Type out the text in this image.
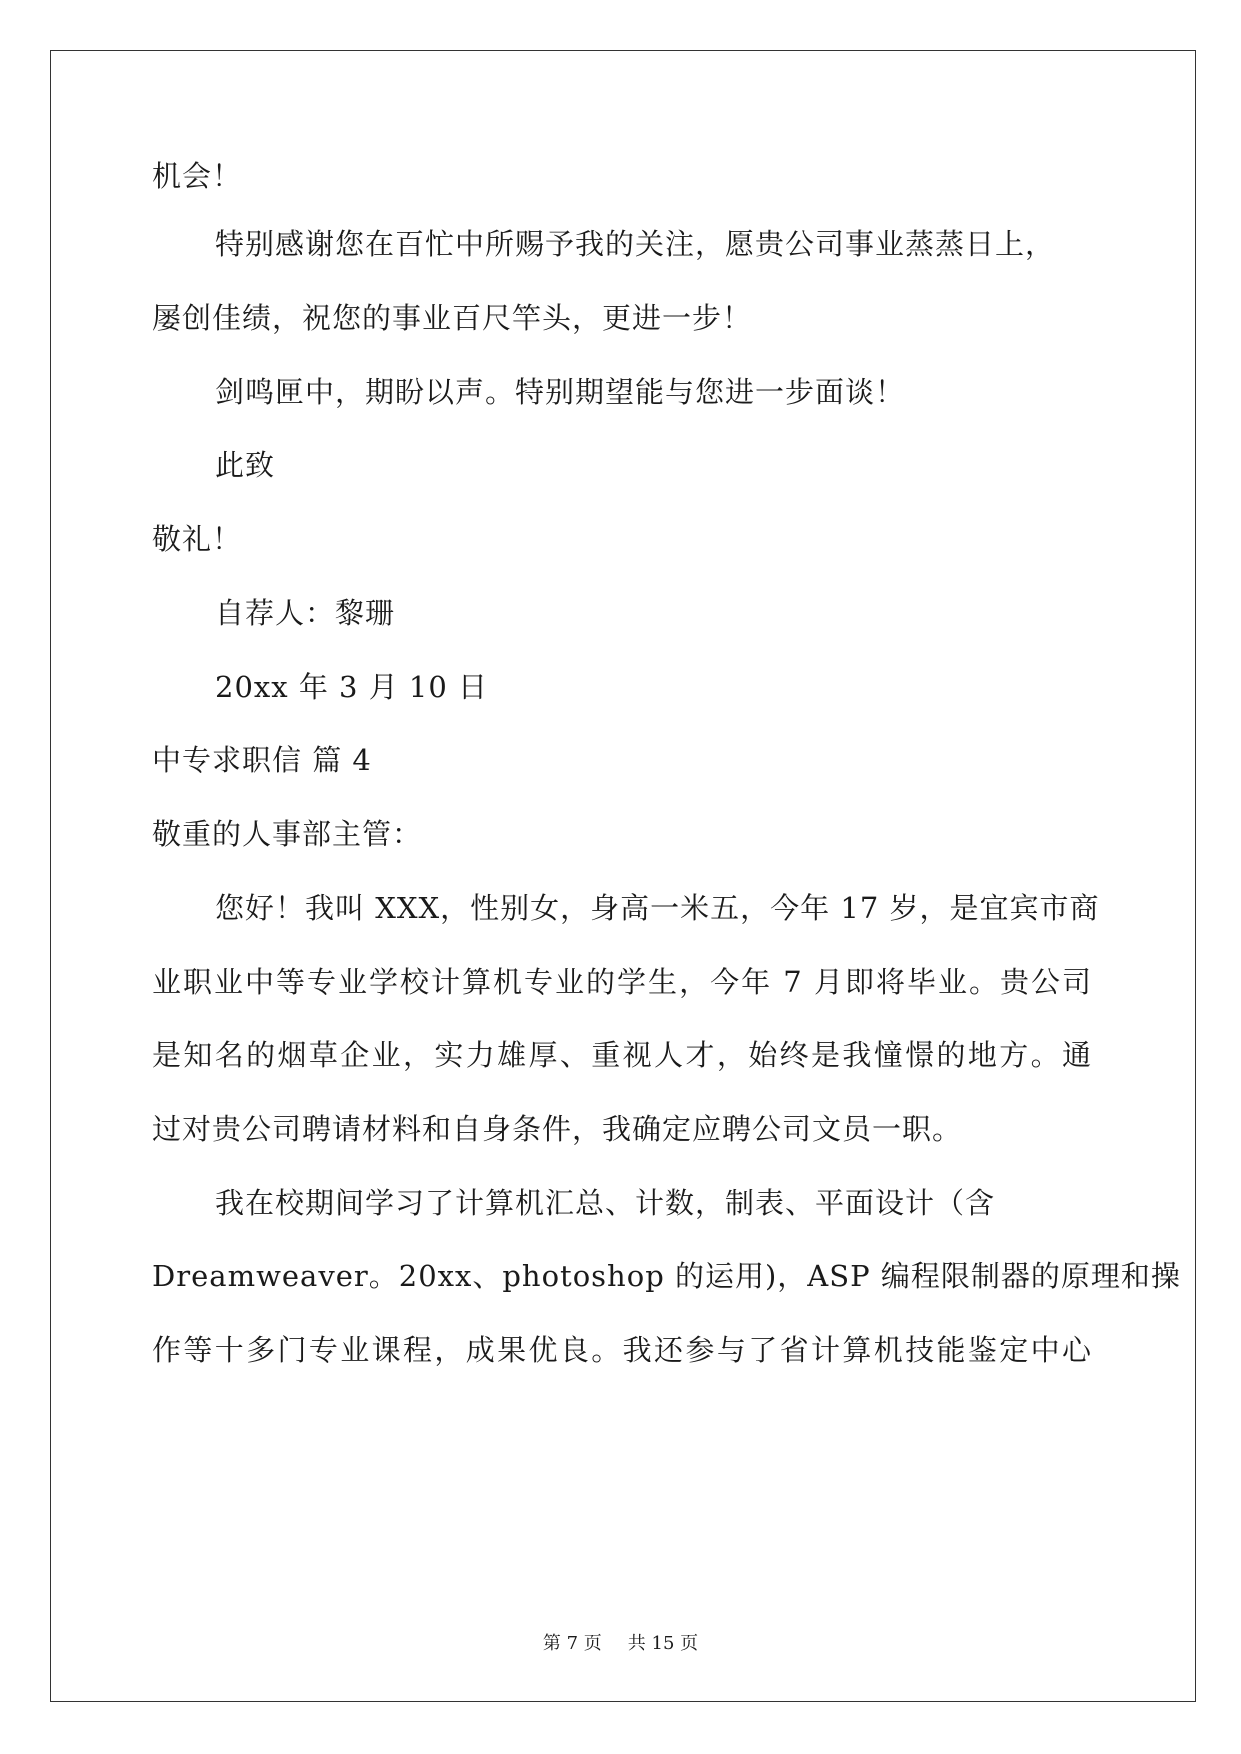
机会！
特别感谢您在百忙中所赐予我的关注，愿贵公司事业蒸蒸日上，
屡创佳绩，祝您的事业百尺竿头，更进一步！
剑鸣匣中，期盼以声。特别期望能与您进一步面谈！
此致
敬礼！
自荐人：黎珊
20xx 年 3 月 10 日
中专求职信 篇 4
敬重的人事部主管：
您好！我叫 XXX，性别女，身高一米五，今年 17 岁，是宜宾市商
业职业中等专业学校计算机专业的学生，今年 7 月即将毕业。贵公司
是知名的烟草企业，实力雄厚、重视人才，始终是我憧憬的地方。通
过对贵公司聘请材料和自身条件，我确定应聘公司文员一职。
我在校期间学习了计算机汇总、计数，制表、平面设计（含
Dreamweaver。20xx、photoshop 的运用)，ASP 编程限制器的原理和操
作等十多门专业课程，成果优良。我还参与了省计算机技能鉴定中心
第 7 页 共 15 页
